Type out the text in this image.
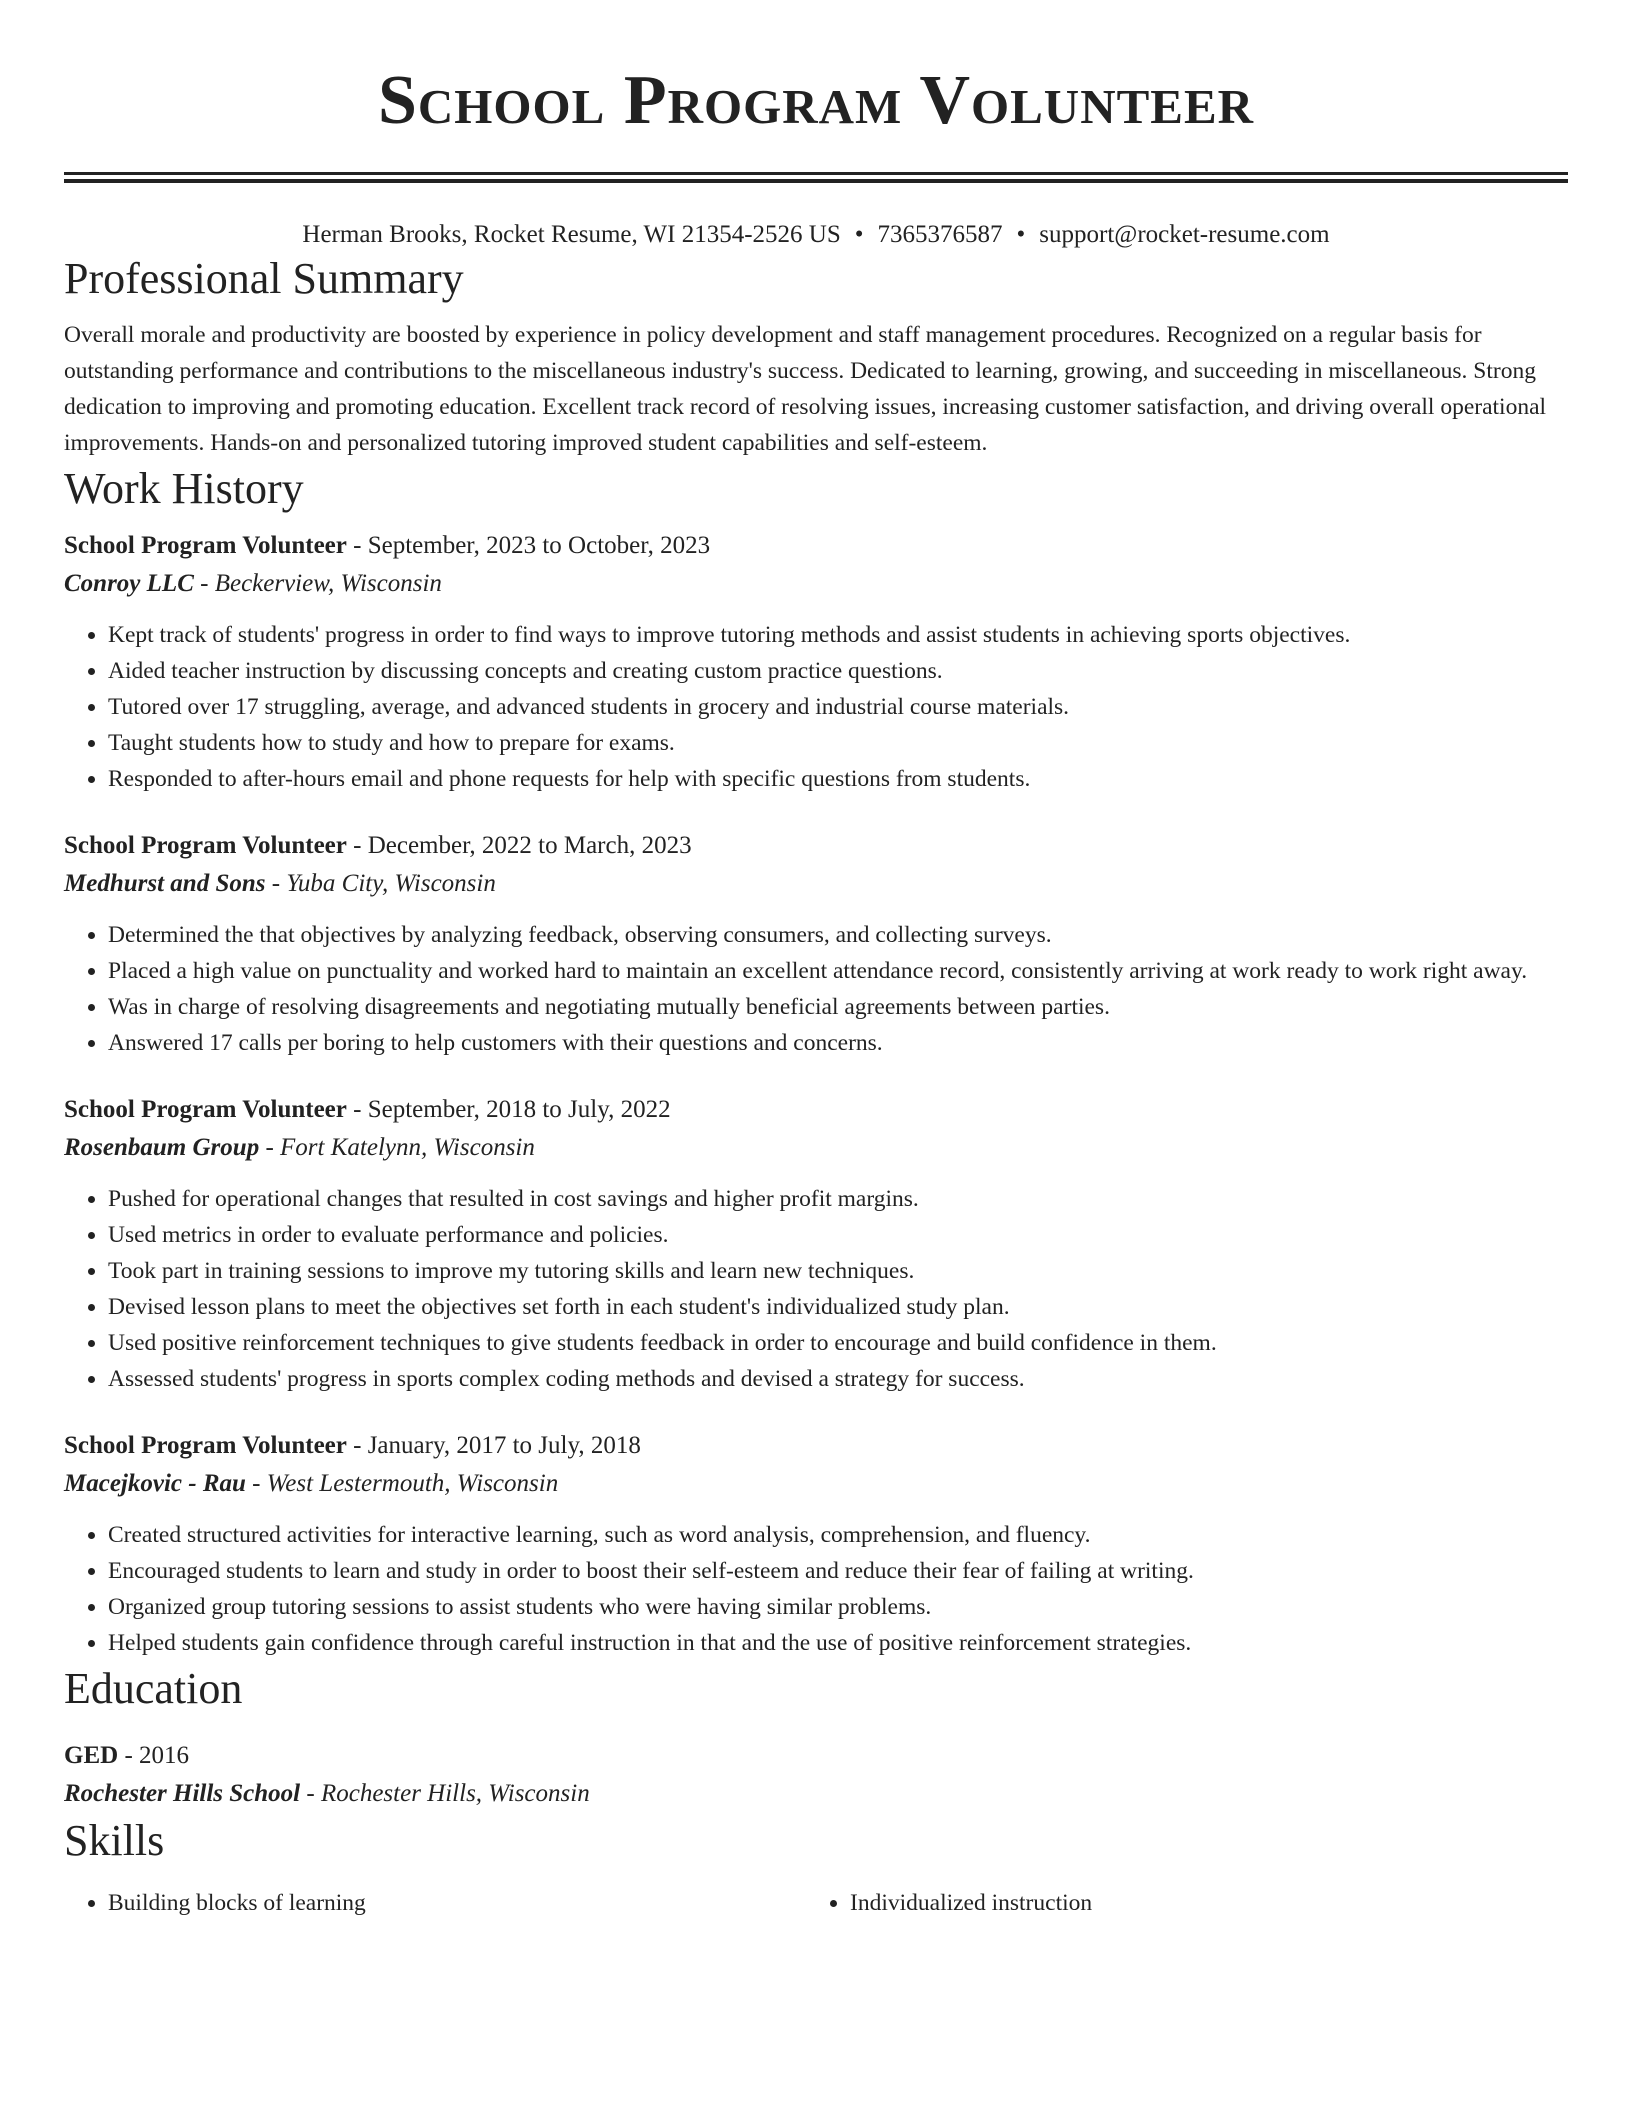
School Program Volunteer
Herman Brooks, Rocket Resume, WI 21354-2526 US • 7365376587 • support@rocket-resume.com
Professional Summary
Overall morale and productivity are boosted by experience in policy development and staff management procedures. Recognized on a regular basis for outstanding performance and contributions to the miscellaneous industry's success. Dedicated to learning, growing, and succeeding in miscellaneous. Strong dedication to improving and promoting education. Excellent track record of resolving issues, increasing customer satisfaction, and driving overall operational improvements. Hands-on and personalized tutoring improved student capabilities and self-esteem.
Work History
School Program Volunteer - September, 2023 to October, 2023
Conroy LLC - Beckerview, Wisconsin
• Kept track of students' progress in order to find ways to improve tutoring methods and assist students in achieving sports objectives.
• Aided teacher instruction by discussing concepts and creating custom practice questions.
• Tutored over 17 struggling, average, and advanced students in grocery and industrial course materials.
• Taught students how to study and how to prepare for exams.
• Responded to after-hours email and phone requests for help with specific questions from students.
School Program Volunteer - December, 2022 to March, 2023
Medhurst and Sons - Yuba City, Wisconsin
• Determined the that objectives by analyzing feedback, observing consumers, and collecting surveys.
• Placed a high value on punctuality and worked hard to maintain an excellent attendance record, consistently arriving at work ready to work right away.
• Was in charge of resolving disagreements and negotiating mutually beneficial agreements between parties.
• Answered 17 calls per boring to help customers with their questions and concerns.
School Program Volunteer - September, 2018 to July, 2022
Rosenbaum Group - Fort Katelynn, Wisconsin
• Pushed for operational changes that resulted in cost savings and higher profit margins.
• Used metrics in order to evaluate performance and policies.
• Took part in training sessions to improve my tutoring skills and learn new techniques.
• Devised lesson plans to meet the objectives set forth in each student's individualized study plan.
• Used positive reinforcement techniques to give students feedback in order to encourage and build confidence in them.
• Assessed students' progress in sports complex coding methods and devised a strategy for success.
School Program Volunteer - January, 2017 to July, 2018
Macejkovic - Rau - West Lestermouth, Wisconsin
• Created structured activities for interactive learning, such as word analysis, comprehension, and fluency.
• Encouraged students to learn and study in order to boost their self-esteem and reduce their fear of failing at writing.
• Organized group tutoring sessions to assist students who were having similar problems.
• Helped students gain confidence through careful instruction in that and the use of positive reinforcement strategies.
Education
GED - 2016
Rochester Hills School - Rochester Hills, Wisconsin
Skills
• Building blocks of learning
•	Individualized instruction
